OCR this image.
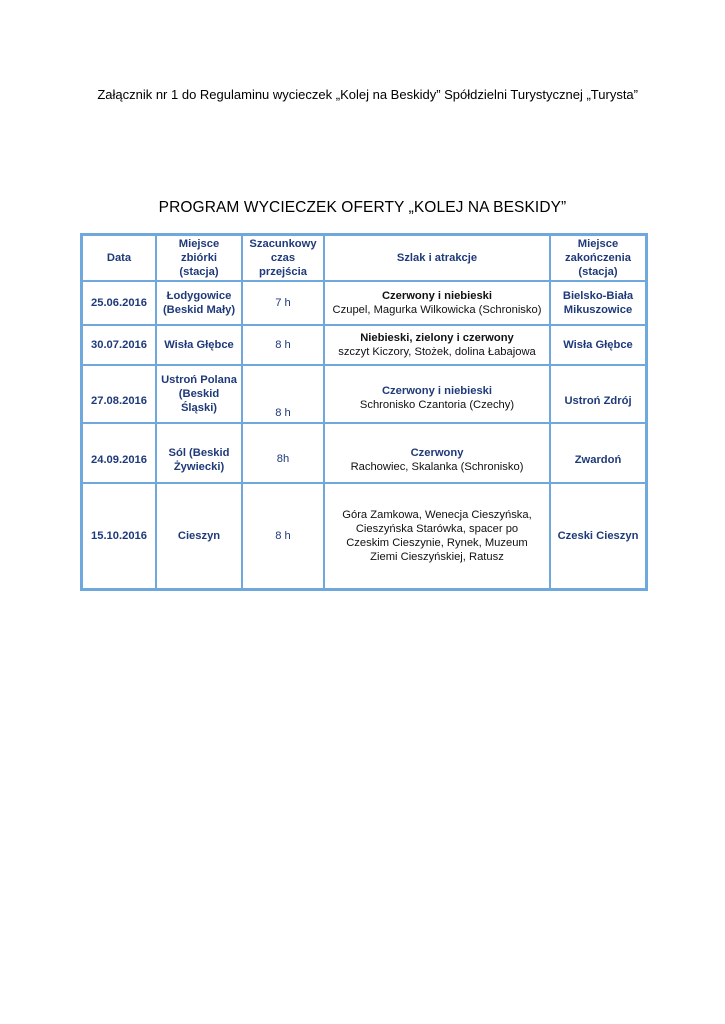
Załącznik nr 1 do Regulaminu wycieczek „Kolej na Beskidy” Spółdzielni Turystycznej „Turysta”
PROGRAM WYCIECZEK OFERTY „KOLEJ NA BESKIDY”
Data	Miejsce zbiórki (stacja)	Szacunkowy czas przejścia	Szlak i atrakcje	Miejsce zakończenia (stacja)
25.06.2016	Łodygowice (Beskid Mały)	7 h	Czerwony i niebieski
Czupel, Magurka Wilkowicka (Schronisko)	Bielsko-Biała Mikuszowice
30.07.2016	Wisła Głębce	8 h	Niebieski, zielony i czerwony
szczyt Kiczory, Stożek, dolina Łabajowa	Wisła Głębce
27.08.2016	Ustroń Polana (Beskid Śląski)	8 h	Czerwony i niebieski
Schronisko Czantoria (Czechy)	Ustroń Zdrój
24.09.2016	Sól (Beskid Żywiecki)	8h	Czerwony
Rachowiec, Skalanka (Schronisko)	Zwardoń
15.10.2016	Cieszyn	8 h	Góra Zamkowa, Wenecja Cieszyńska, Cieszyńska Starówka, spacer po Czeskim Cieszynie, Rynek, Muzeum Ziemi Cieszyńskiej, Ratusz	Czeski Cieszyn
